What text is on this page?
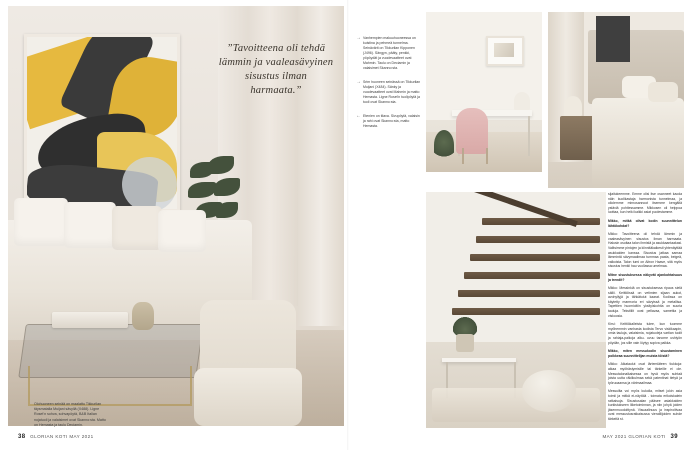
”Tavoitteena oli tehdä lämmin ja vaaleasävyinen sisustus ilman harmaata.”
Olohuoneen seinää on maalattu Tikkurilan täysmatalla Muijani sävyllä (X488). Ligne Roset'n sohva, sohvapöytä, B&B Italian nojatuoli ja valaisimet ovat Skanno:sta. Matto on Hemasta ja taulu Deciamin.
38 GLORIAN KOTI MAY 2021
→ Vanhempien makuuhuoneessa on kuistina ja pehmeä tunnelma. Seinävärit on Tikkurilan Kipponen (J496). Sängyn, pääty, penkki, yöpöydät ja vuodevaatteet ovat Mahmin. Taulu on Deciamin ja valaisimet Skanno:sta.
→ Srim huoneen seinässä on Tikkurilan Muijani (X484). Sänky ja vuodevaatteet ovat Mahmin ja matto Hemasta. Ligne Roset'n tuolipöytä ja tuoli ovat Skanno:sta.
← Etenien on tilava. Sivupöytä, valaisin ja rahi ovat Skanno:sta, matto Hemasta.

sijaitukeemme. Emme olisi itse osanneet kaoda näin kuolikastaja harmonista tunnelmaa, ja oliolemme mirnosannoot itsemme kengältä ystäviä pohtiessamme. Mikkosen oli helppoa luottaa, kun heiki kaikki asiat puolestamme.

Mikko, mitkä olivat kodin suunnittelun lähtökohdat?

Mikko: Tavoitteena oli tehdä lämmin ja vaaleasävyinen sisustus ilman harmaata. Halusin osoitaa talon ihmistä ja asukkaantaakasi. Valitsimme pintojen ja kiinnitäkaikesti yhtenäyttää asukkaiden kanssa. Sisustus jatkaa samaa lämmintä sävymaailmaa tummaa paata, beigeä, valkoista. Talon tumi on Aitron Haave, sitä myös sisustus henkii hau vuollassa umelmaa.

Mitne sisustuksessa näkyvät ajankohtaisuus ja trendit?

Mikko: Messinkiä on sisustuksessa ripaus sielä säilii. Keittiöissä on vetimien sijaan aukot, avohyllyjä ja tähkätuiut kaarat. Kodissa on käytetty marmoria eri sävyissä ja metallisa. Tapettien huomioitiin yksityiskohtia on suuria tauluja. Tekstiilit ovat pellavaa, samettia ja viskoosia.

Kirsi: Keittiökalleista tulee, kun tuomme myöhemmin vanhasta kodista Tervo viskikaapin, omia tauluja, valaisimia, nojatuoleja vartian tuolit ja rahiaja-paikoja alku- uvuu tanome ushiyön pöydän, jos sille vain löytyy sopiva paikka.

Mikko, miten messukodin sisustaminen poikkeaa suunnittelijan muista töistä?

Mikko: Aikataulut ovat lärtemiäteen tiukkoja: aikaa myöhästymisille tai tärkeille ei ole. Messutalonaikaisessa on hyvä myös suhtaä joista uutta räkiikulmaa sekä patentinat tietyä ja työruoaansa ja värimaailmaa.

Messuilta voi myös kukolla, mitset jokin asia toimii ja mitkä ei-näytöiä - toimata erikoiskalein ratkaisuja. Sisustusalan pääsee asiakkaiden kurkistukseen liiketoiminnan, ja niin johyä joiden jäsenmuodoittynä. Visuaalinuus ja inspiroitivaa ovat messustusratkaisussa vieraillijoiden suhde tärkeitä st.

MAY 2021 GLORIAN KOTI 39
